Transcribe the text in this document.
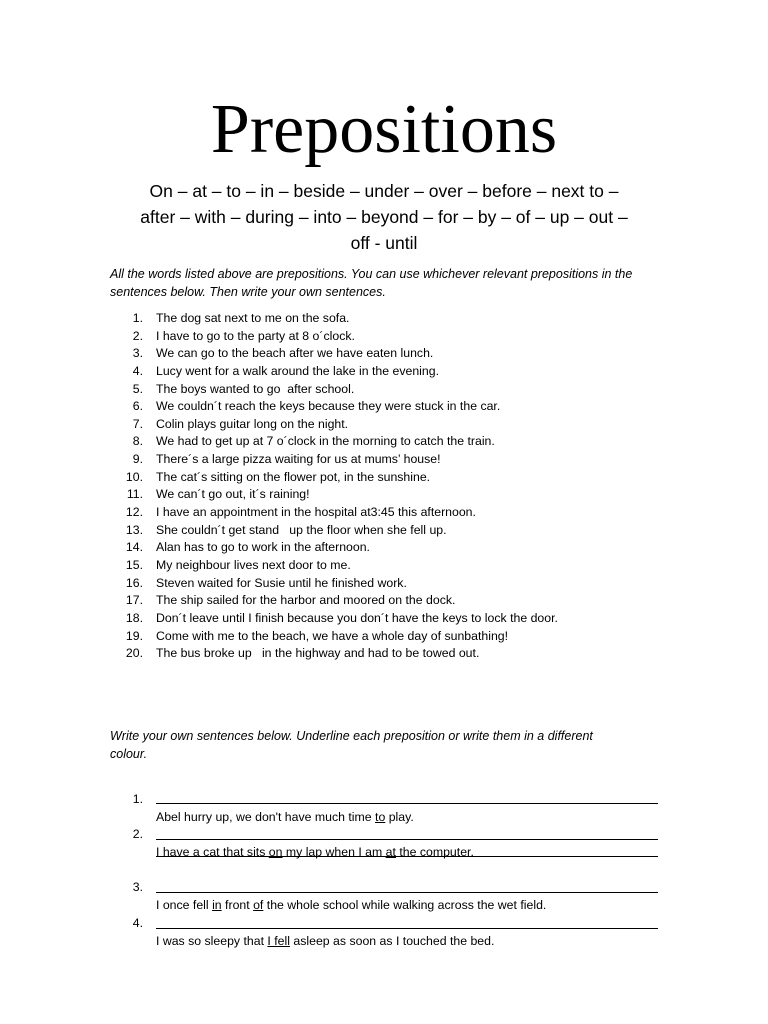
Prepositions
On – at – to – in – beside – under – over – before – next to –
after – with – during – into – beyond – for – by – of – up – out –
off - until
All the words listed above are prepositions. You can use whichever relevant prepositions in the
sentences below. Then write your own sentences.
1. The dog sat next to me on the sofa.
2. I have to go to the party at 8 o´clock.
3. We can go to the beach after we have eaten lunch.
4. Lucy went for a walk around the lake in the evening.
5. The boys wanted to go  after school.
6. We couldn´t reach the keys because they were stuck in the car.
7. Colin plays guitar long on the night.
8. We had to get up at 7 o´clock in the morning to catch the train.
9. There´s a large pizza waiting for us at mums’ house!
10. The cat´s sitting on the flower pot, in the sunshine.
11. We can´t go out, it´s raining!
12. I have an appointment in the hospital at3:45 this afternoon.
13. She couldn´t get stand   up the floor when she fell up.
14. Alan has to go to work in the afternoon.
15. My neighbour lives next door to me.
16. Steven waited for Susie until he finished work.
17. The ship sailed for the harbor and moored on the dock.
18. Don´t leave until I finish because you don´t have the keys to lock the door.
19. Come with me to the beach, we have a whole day of sunbathing!
20. The bus broke up   in the highway and had to be towed out.
Write your own sentences below. Underline each preposition or write them in a different
colour.

1.

Abel hurry up, we don't have much time to play.

2.

I have a cat that sits on my lap when I am at the computer.

3.

I once fell in front of the whole school while walking across the wet field.

4.

I was so sleepy that I fell asleep as soon as I touched the bed.
